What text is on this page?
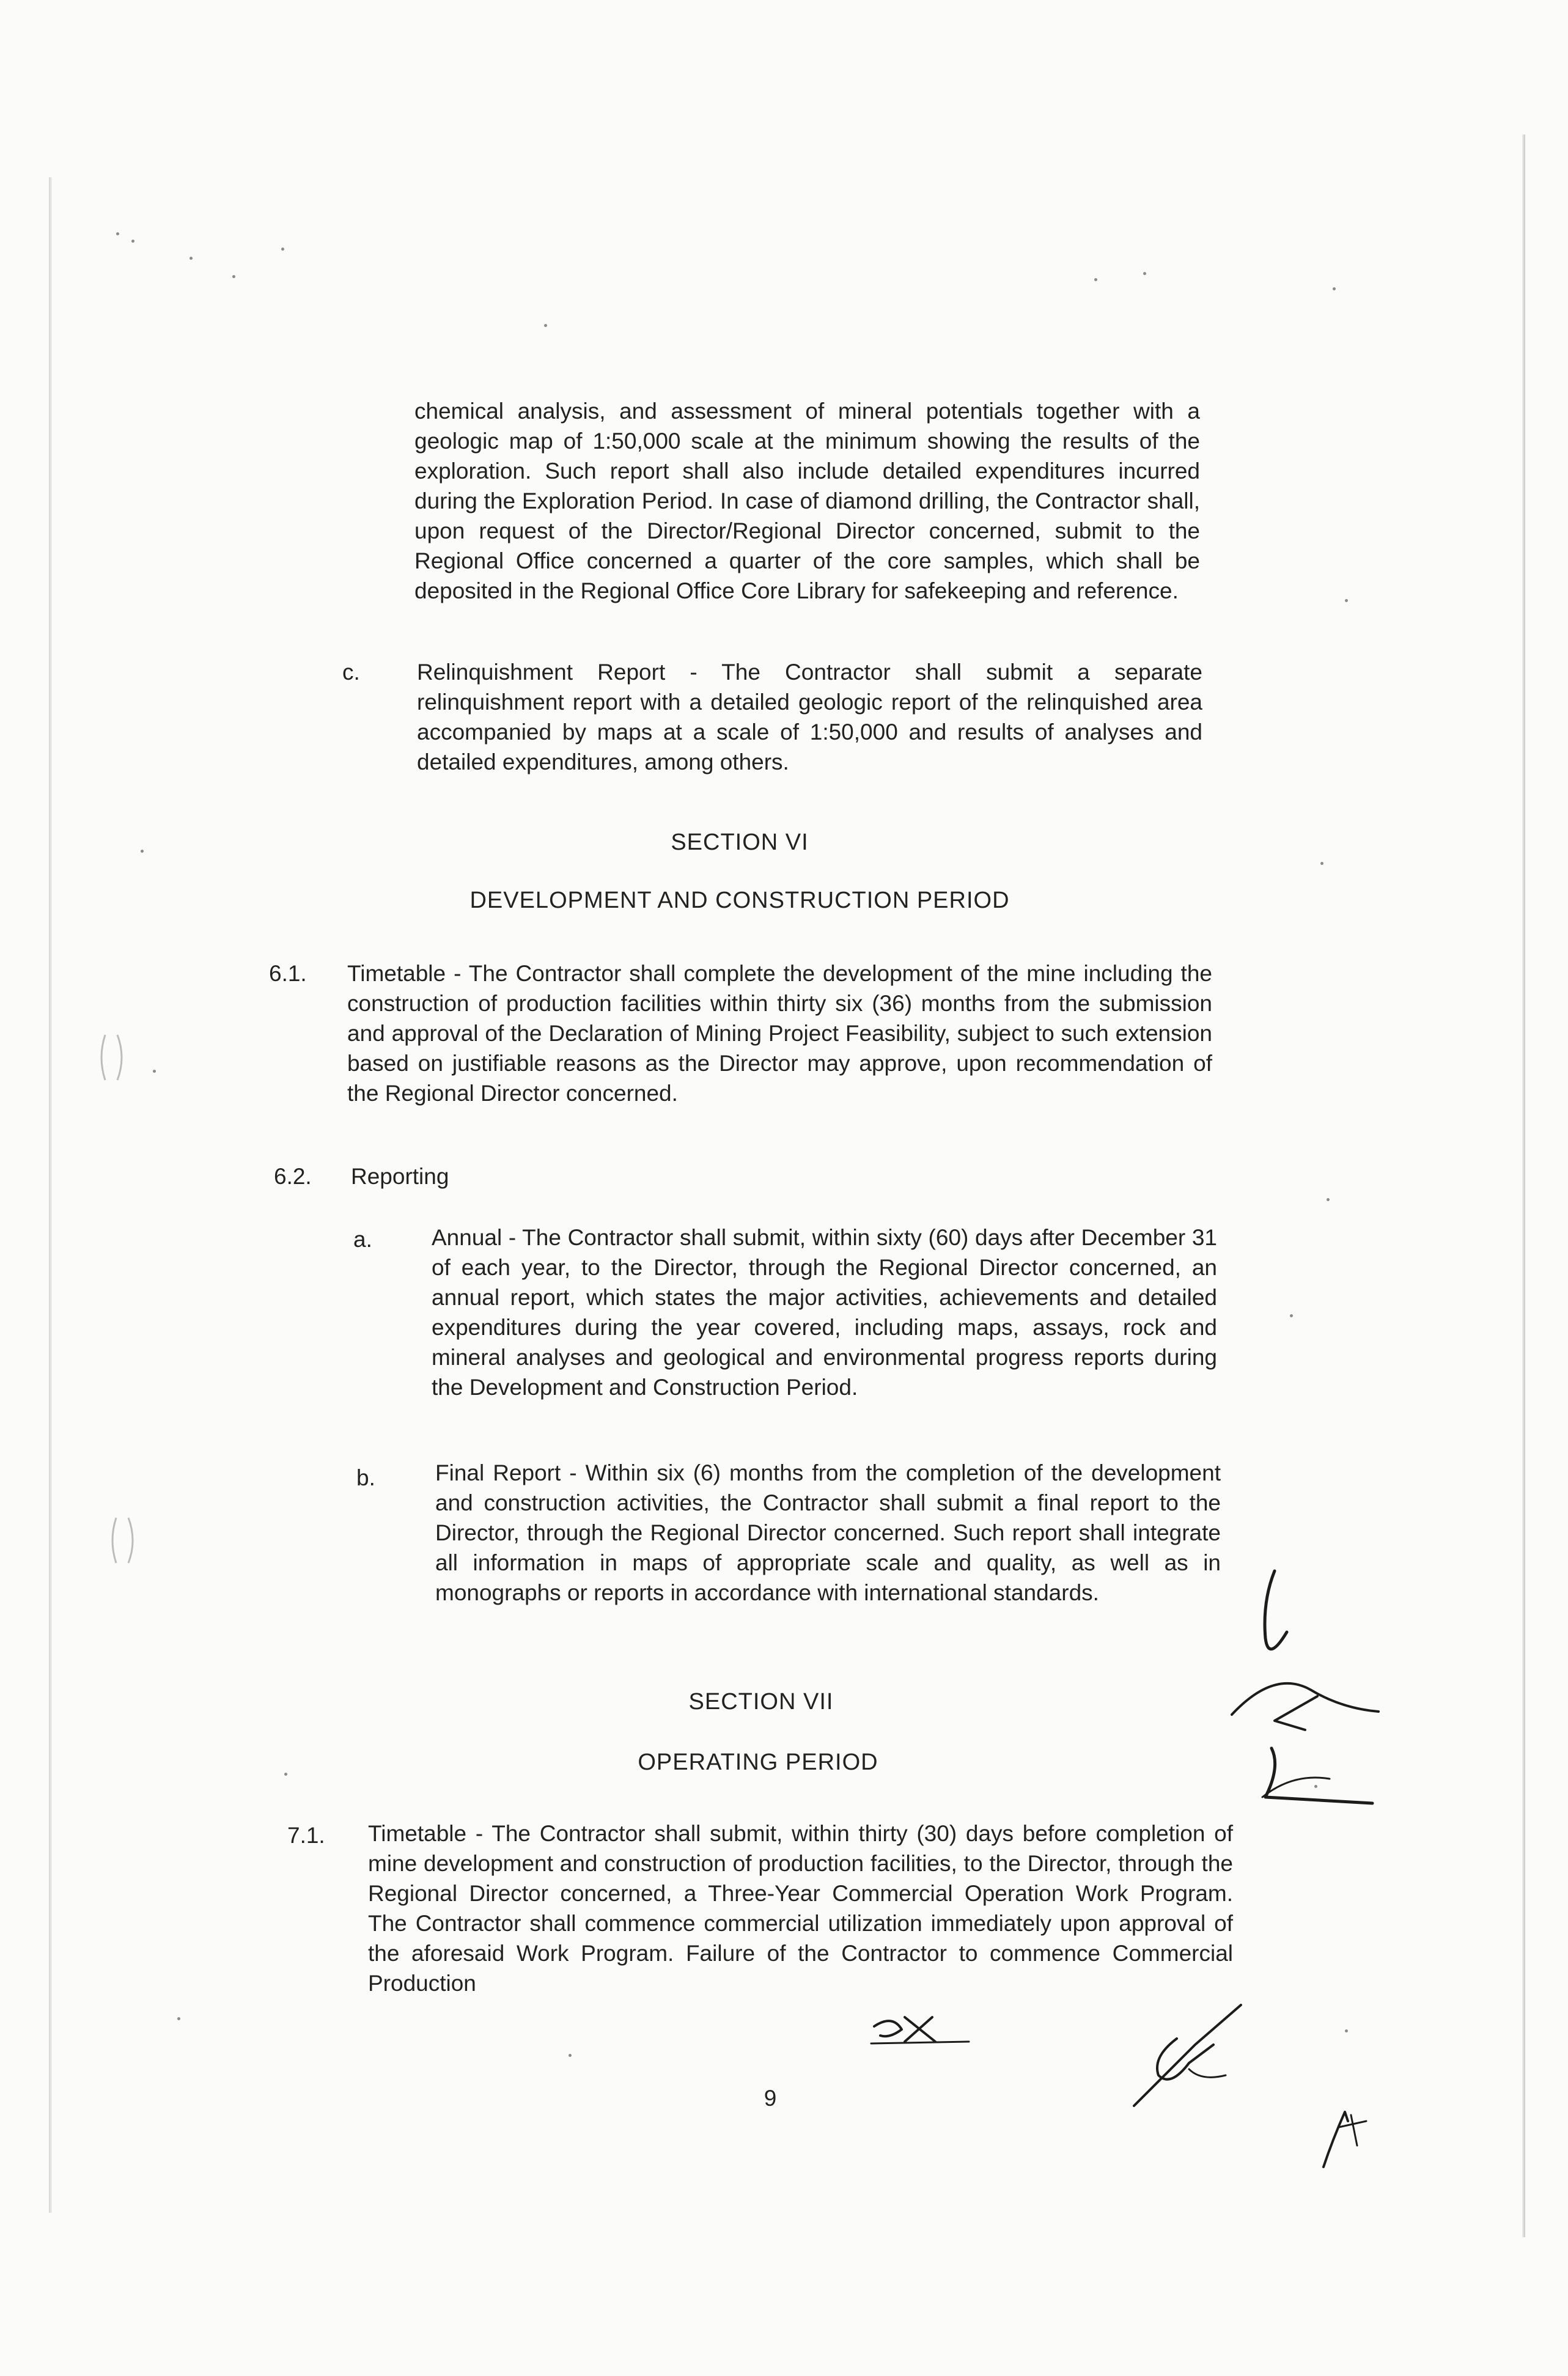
chemical analysis, and assessment of mineral potentials together with a geologic map of 1:50,000 scale at the minimum showing the results of the exploration. Such report shall also include detailed expenditures incurred during the Exploration Period. In case of diamond drilling, the Contractor shall, upon request of the Director/Regional Director concerned, submit to the Regional Office concerned a quarter of the core samples, which shall be deposited in the Regional Office Core Library for safekeeping and reference.

c.	Relinquishment Report - The Contractor shall submit a separate relinquishment report with a detailed geologic report of the relinquished area accompanied by maps at a scale of 1:50,000 and results of analyses and detailed expenditures, among others.

SECTION VI

DEVELOPMENT AND CONSTRUCTION PERIOD

6.1. Timetable - The Contractor shall complete the development of the mine including the construction of production facilities within thirty six (36) months from the submission and approval of the Declaration of Mining Project Feasibility, subject to such extension based on justifiable reasons as the Director may approve, upon recommendation of the Regional Director concerned.

6.2. Reporting

a.	Annual - The Contractor shall submit, within sixty (60) days after December 31 of each year, to the Director, through the Regional Director concerned, an annual report, which states the major activities, achievements and detailed expenditures during the year covered, including maps, assays, rock and mineral analyses and geological and environmental progress reports during the Development and Construction Period.

b.	Final Report - Within six (6) months from the completion of the development and construction activities, the Contractor shall submit a final report to the Director, through the Regional Director concerned. Such report shall integrate all information in maps of appropriate scale and quality, as well as in monographs or reports in accordance with international standards.

SECTION VII

OPERATING PERIOD

7.1. Timetable - The Contractor shall submit, within thirty (30) days before completion of mine development and construction of production facilities, to the Director, through the Regional Director concerned, a Three-Year Commercial Operation Work Program. The Contractor shall commence commercial utilization immediately upon approval of the aforesaid Work Program. Failure of the Contractor to commence Commercial Production

9
